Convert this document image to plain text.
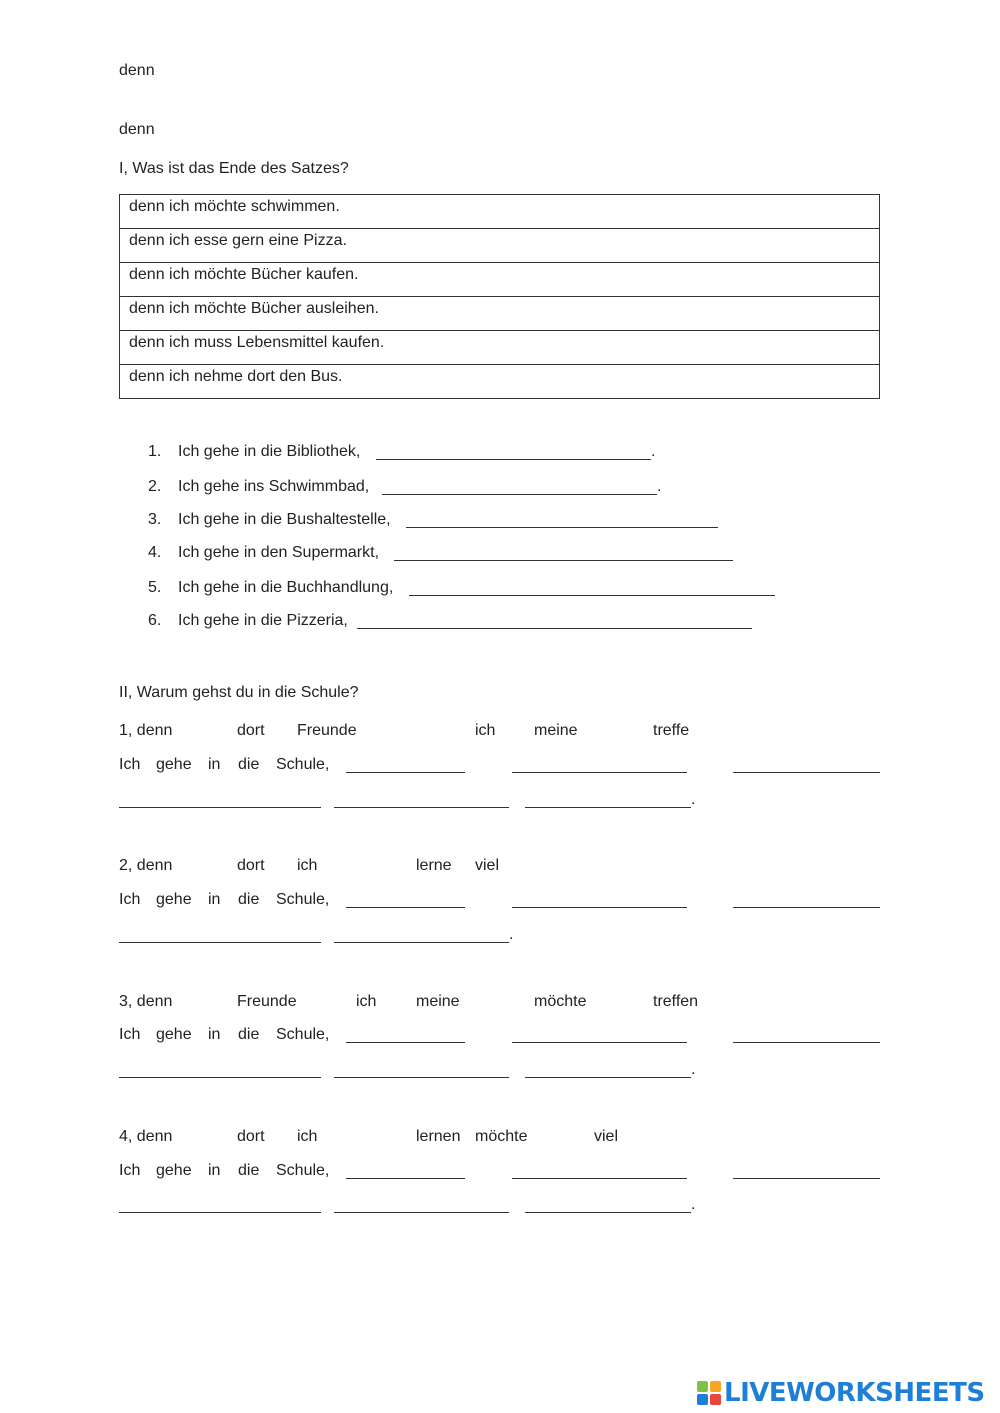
denn
denn
I, Was ist das Ende des Satzes?
denn ich möchte schwimmen.
denn ich esse gern eine Pizza.
denn ich möchte Bücher kaufen.
denn ich möchte Bücher ausleihen.
denn ich muss Lebensmittel kaufen.
denn ich nehme dort den Bus.
1. Ich gehe in die Bibliothek,	.
2. Ich gehe ins Schwimmbad,	.
3. Ich gehe in die Bushaltestelle,
4. Ich gehe in den Supermarkt,
5. Ich gehe in die Buchhandlung,
6. Ich gehe in die Pizzeria,
II, Warum gehst du in die Schule?
1, denn	dort Freunde	ich meine	treffe
Ich gehe in die Schule,
.
2, denn	dort ich	lerne viel
Ich gehe in die Schule,
.
3, denn	Freunde	ich meine	möchte	treffen
Ich gehe in die Schule,
.
4, denn	dort ich	lernen möchte	viel
Ich gehe in die Schule,
.
LIVEWORKSHEETS
